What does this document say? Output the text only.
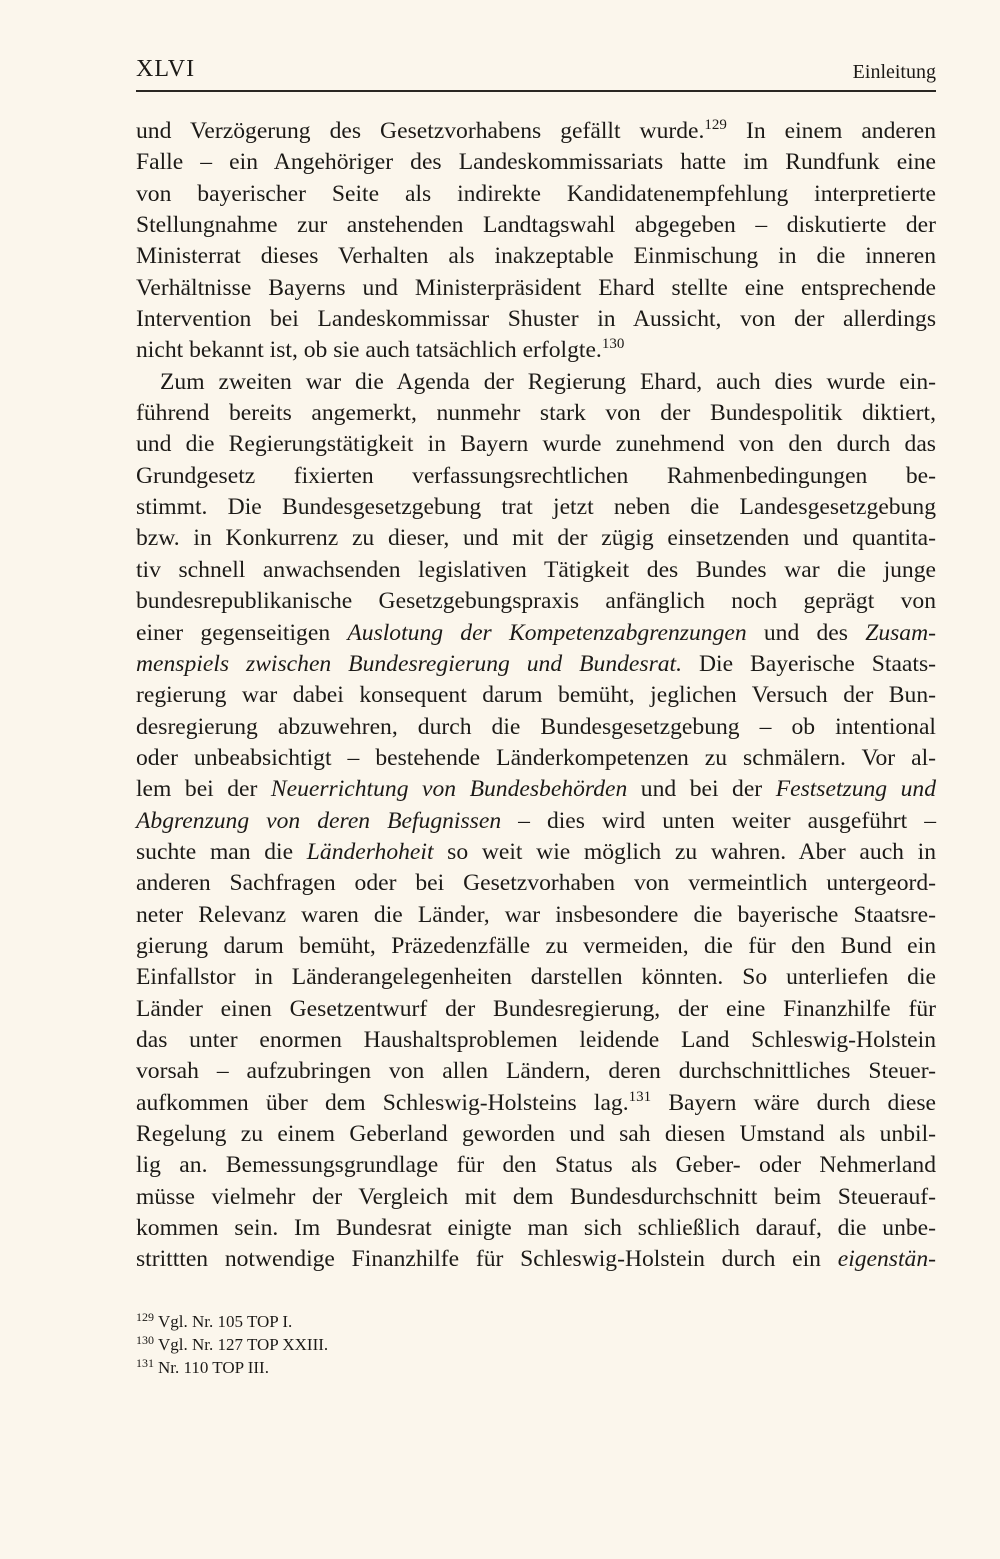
XLVI	Einleitung
und Verzögerung des Gesetzvorhabens gefällt wurde.$^{129}$ In einem anderen
Falle – ein Angehöriger des Landeskommissariats hatte im Rundfunk eine
von bayerischer Seite als indirekte Kandidatenempfehlung interpretierte
Stellungnahme zur anstehenden Landtagswahl abgegeben – diskutierte der
Ministerrat dieses Verhalten als inakzeptable Einmischung in die inneren
Verhältnisse Bayerns und Ministerpräsident Ehard stellte eine entsprechende
Intervention bei Landeskommissar Shuster in Aussicht, von der allerdings
nicht bekannt ist, ob sie auch tatsächlich erfolgte.$^{130}$
Zum zweiten war die Agenda der Regierung Ehard, auch dies wurde ein-
führend bereits angemerkt, nunmehr stark von der Bundespolitik diktiert,
und die Regierungstätigkeit in Bayern wurde zunehmend von den durch das
Grundgesetz fixierten verfassungsrechtlichen Rahmenbedingungen be-
stimmt. Die Bundesgesetzgebung trat jetzt neben die Landesgesetzgebung
bzw. in Konkurrenz zu dieser, und mit der zügig einsetzenden und quantita-
tiv schnell anwachsenden legislativen Tätigkeit des Bundes war die junge
bundesrepublikanische Gesetzgebungspraxis anfänglich noch geprägt von
einer gegenseitigen Auslotung der Kompetenzabgrenzungen und des Zusam-
menspiels zwischen Bundesregierung und Bundesrat. Die Bayerische Staats-
regierung war dabei konsequent darum bemüht, jeglichen Versuch der Bun-
desregierung abzuwehren, durch die Bundesgesetzgebung – ob intentional
oder unbeabsichtigt – bestehende Länderkompetenzen zu schmälern. Vor al-
lem bei der Neuerrichtung von Bundesbehörden und bei der Festsetzung und
Abgrenzung von deren Befugnissen – dies wird unten weiter ausgeführt –
suchte man die Länderhoheit so weit wie möglich zu wahren. Aber auch in
anderen Sachfragen oder bei Gesetzvorhaben von vermeintlich untergeord-
neter Relevanz waren die Länder, war insbesondere die bayerische Staatsre-
gierung darum bemüht, Präzedenzfälle zu vermeiden, die für den Bund ein
Einfallstor in Länderangelegenheiten darstellen könnten. So unterliefen die
Länder einen Gesetzentwurf der Bundesregierung, der eine Finanzhilfe für
das unter enormen Haushaltsproblemen leidende Land Schleswig-Holstein
vorsah – aufzubringen von allen Ländern, deren durchschnittliches Steuer-
aufkommen über dem Schleswig-Holsteins lag.$^{131}$ Bayern wäre durch diese
Regelung zu einem Geberland geworden und sah diesen Umstand als unbil-
lig an. Bemessungsgrundlage für den Status als Geber- oder Nehmerland
müsse vielmehr der Vergleich mit dem Bundesdurchschnitt beim Steuerauf-
kommen sein. Im Bundesrat einigte man sich schließlich darauf, die unbe-
strittten notwendige Finanzhilfe für Schleswig-Holstein durch ein eigenstän-
$^{129}$ Vgl. Nr. 105 TOP I.
$^{130}$ Vgl. Nr. 127 TOP XXIII.
$^{131}$ Nr. 110 TOP III.
